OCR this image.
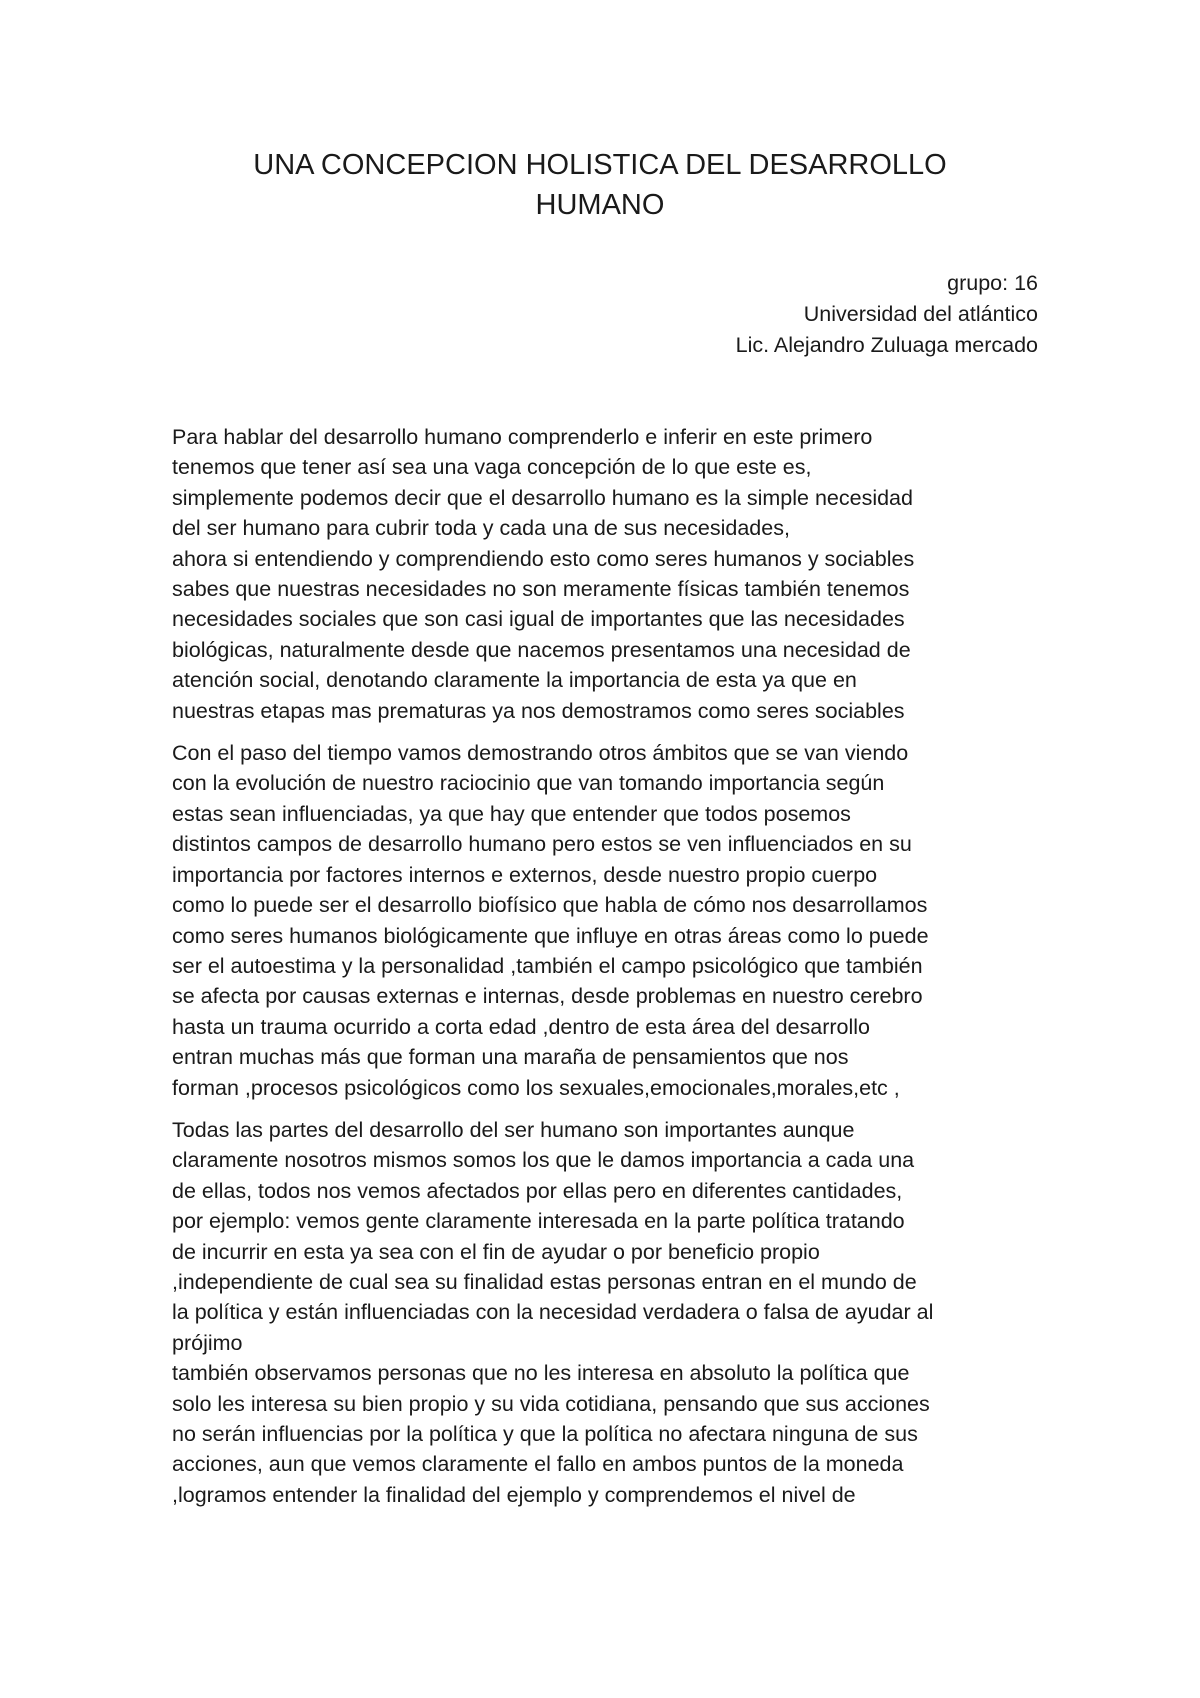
UNA CONCEPCION HOLISTICA DEL DESARROLLO
HUMANO
grupo: 16
Universidad del atlántico
Lic. Alejandro Zuluaga mercado

Para hablar del desarrollo humano comprenderlo e inferir en este primero
tenemos que tener así sea una vaga concepción de lo que este es,
simplemente podemos decir que el desarrollo humano es la simple necesidad
del ser humano para cubrir toda y cada una de sus necesidades,
ahora si entendiendo y comprendiendo esto como seres humanos y sociables
sabes que nuestras necesidades no son meramente físicas también tenemos
necesidades sociales que son casi igual de importantes que las necesidades
biológicas, naturalmente desde que nacemos presentamos una necesidad de
atención social, denotando claramente la importancia de esta ya que en
nuestras etapas mas prematuras ya nos demostramos como seres sociables

Con el paso del tiempo vamos demostrando otros ámbitos que se van viendo
con la evolución de nuestro raciocinio que van tomando importancia según
estas sean influenciadas, ya que hay que entender que todos posemos
distintos campos de desarrollo humano pero estos se ven influenciados en su
importancia por factores internos e externos, desde nuestro propio cuerpo
como lo puede ser el desarrollo biofísico que habla de cómo nos desarrollamos
como seres humanos biológicamente que influye en otras áreas como lo puede
ser el autoestima y la personalidad ,también el campo psicológico que también
se afecta por causas externas e internas, desde problemas en nuestro cerebro
hasta un trauma ocurrido a corta edad ,dentro de esta área del desarrollo
entran muchas más que forman una maraña de pensamientos que nos
forman ,procesos psicológicos como los sexuales,emocionales,morales,etc ,

Todas las partes del desarrollo del ser humano son importantes aunque
claramente nosotros mismos somos los que le damos importancia a cada una
de ellas, todos nos vemos afectados por ellas pero en diferentes cantidades,
por ejemplo: vemos gente claramente interesada en la parte política tratando
de incurrir en esta ya sea con el fin de ayudar o por beneficio propio
,independiente de cual sea su finalidad estas personas entran en el mundo de
la política y están influenciadas con la necesidad verdadera o falsa de ayudar al
prójimo
también observamos personas que no les interesa en absoluto la política que
solo les interesa su bien propio y su vida cotidiana, pensando que sus acciones
no serán influencias por la política y que la política no afectara ninguna de sus
acciones, aun que vemos claramente el fallo en ambos puntos de la moneda
,logramos entender la finalidad del ejemplo y comprendemos el nivel de
